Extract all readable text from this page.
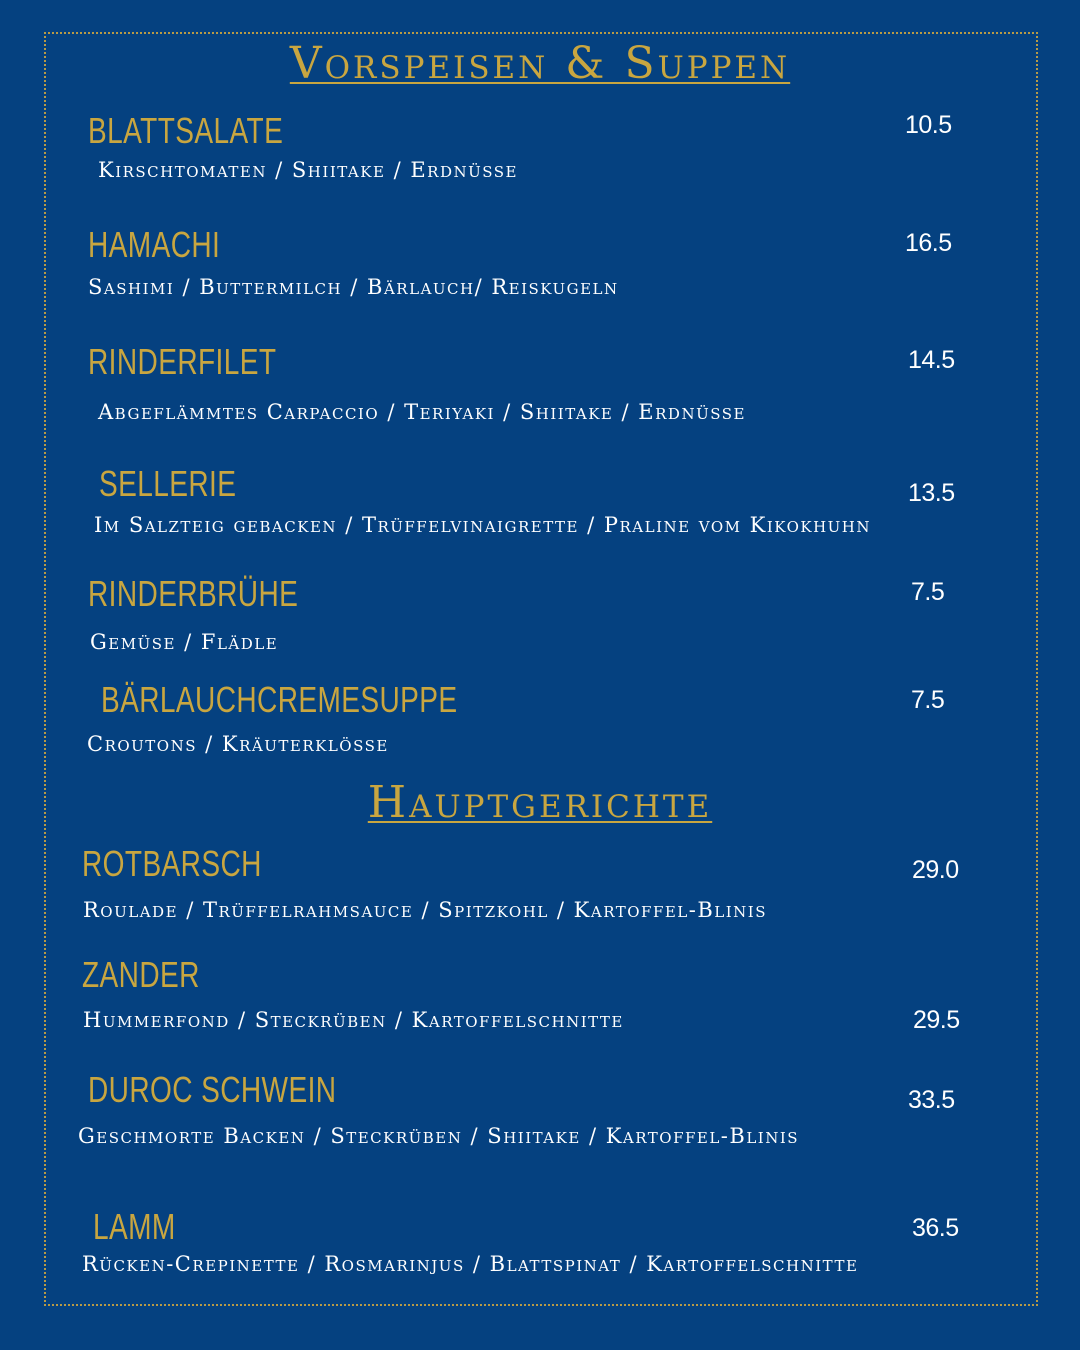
Vorspeisen & Suppen
BLATTSALATE
Kirschtomaten / Shiitake / Erdnüsse
10.5
HAMACHI
Sashimi / Buttermilch / Bärlauch/ Reiskugeln
16.5
RINDERFILET
Abgeflämmtes Carpaccio / Teriyaki / Shiitake / Erdnüsse
14.5
SELLERIE
Im Salzteig gebacken / Trüffelvinaigrette / Praline vom Kikokhuhn
13.5
RINDERBRÜHE
Gemüse / Flädle
7.5
BÄRLAUCHCREMESUPPE
Croutons / Kräuterklösse
7.5
Hauptgerichte
ROTBARSCH
Roulade / Trüffelrahmsauce / Spitzkohl / Kartoffel-Blinis
29.0
ZANDER
Hummerfond / Steckrüben / Kartoffelschnitte	29.5
DUROC SCHWEIN
Geschmorte Backen / Steckrüben / Shiitake / Kartoffel-Blinis
33.5
LAMM
Rücken-Crepinette / Rosmarinjus / Blattspinat / Kartoffelschnitte
36.5
